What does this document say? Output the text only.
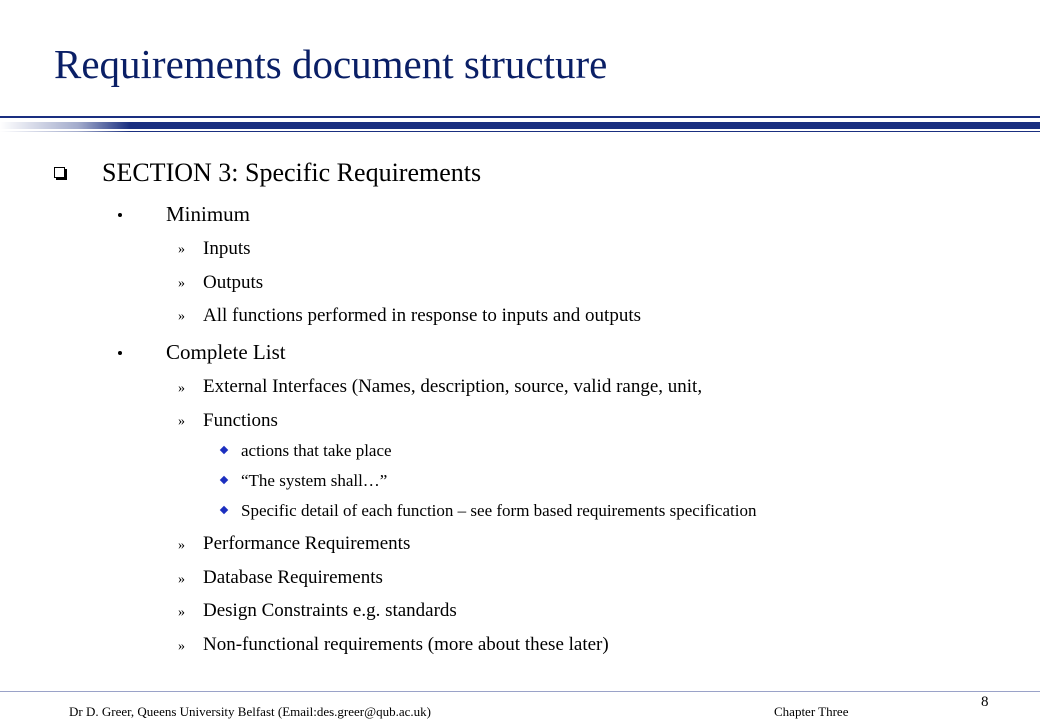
Requirements document structure
SECTION 3: Specific Requirements
Minimum
» Inputs
» Outputs
» All functions performed in response to inputs and outputs
Complete List
» External Interfaces (Names, description, source, valid range, unit,
» Functions
actions that take place
“The system shall…”
Specific detail of each function – see form based requirements specification
» Performance Requirements
» Database Requirements
» Design Constraints e.g. standards
» Non-functional requirements (more about these later)
Dr D. Greer, Queens University Belfast (Email:des.greer@qub.ac.uk)	Chapter Three
8
